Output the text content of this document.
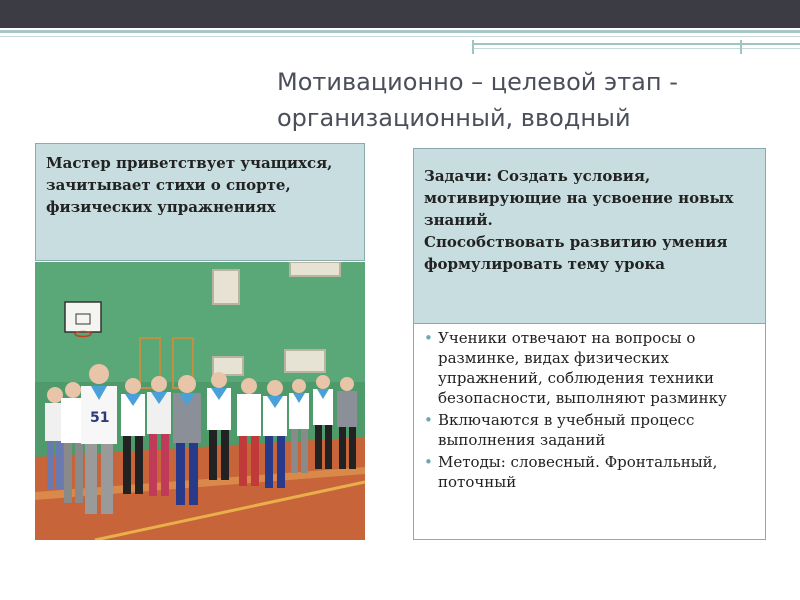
Мотивационно – целевой этап -
организационный, вводный
Мастер приветствует учащихся, зачитывает стихи о спорте, физических упражнениях
51

Задачи: Создать условия, мотивирующие на усвоение новых знаний.

Способствовать развитию умения формулировать тему урока

• Ученики отвечают на вопросы о разминке, видах физических упражнений, соблюдения техники безопасности, выполняют разминку
• Включаются в учебный процесс выполнения заданий
• Методы: словесный. Фронтальный, поточный
